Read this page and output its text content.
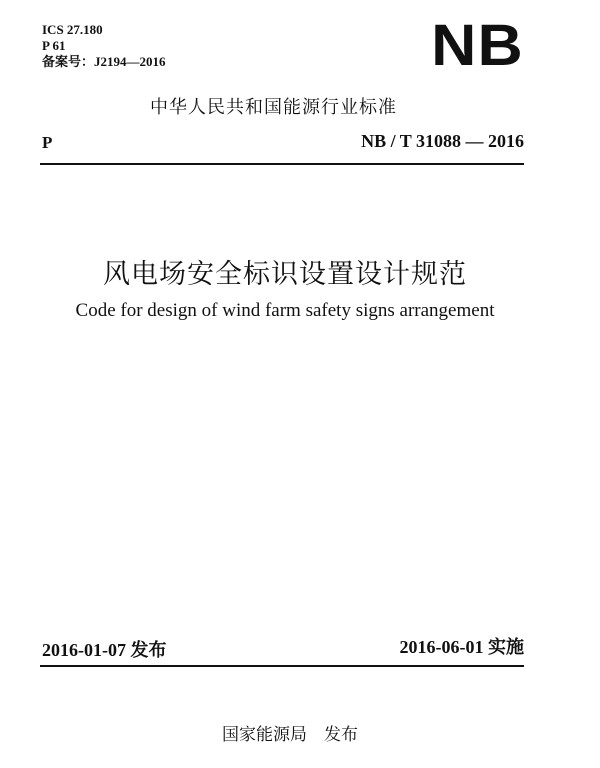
ICS 27.180
P 61
备案号：J2194—2016	NB
中华人民共和国能源行业标准
P	NB / T 31088 — 2016
风电场安全标识设置设计规范
Code for design of wind farm safety signs arrangement
2016-01-07 发布	2016-06-01 实施
国家能源局　发布
